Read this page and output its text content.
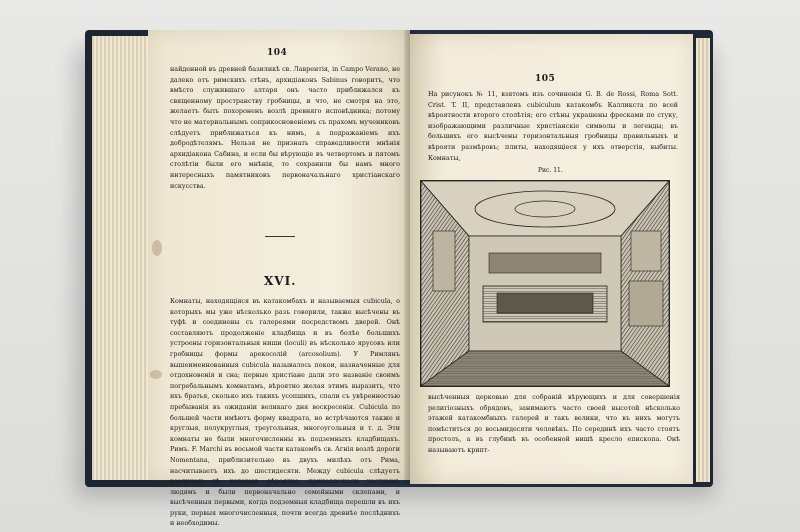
104
найденной въ древней базиликѣ св. Лаврентія, in Campo Verano, не далеко отъ римскихъ стѣнъ, архидіаконъ Sabinus говоритъ, что вмѣсто служившаго алтаря онъ часто приближался къ священному пространству гробницы, и что, не смотря на это, желаетъ быть похороненъ возлѣ древняго исповѣдника; потому что не материальнымъ соприкосновеніемъ съ прахомъ мучениковъ слѣдуетъ приближаться къ нимъ, а подражаніемъ ихъ добродѣтелямъ. Нельзя не признать справедливости мнѣнія архидіакона Сабина, и если бы вѣрующіе въ четвертомъ и пятомъ столѣтіи были его мнѣнія, то сохранили бы намъ много интересныхъ памятниковъ первоначальнаго христіанскаго искусства.
XVI.
Комнаты, находящіяся въ катакомбахъ и называемыя cubicula, о которыхъ мы уже нѣсколько разъ говорили, также высѣчены въ туфѣ и соединены съ галереями посредствомъ дверей. Онѣ составляютъ продолженіе кладбища и въ болѣе большихъ устроены горизонтальныя ниши (loculi) въ нѣсколько ярусовъ или гробницы формы арекосолій (arcosolium). У Римлянъ вышеименнованныя cubicula называлось покои, назначенные для отдохновенія и сна; первые христіане дали это названіе своимъ погребальнымъ комнатамъ, вѣроятно желая этимъ выразить, что ихъ братья, сколько ихъ такихъ усопшихъ, спали съ увѣренностью пребыванія въ ожиданіи великаго дня воскресенія. Cubicula по большей части имѣютъ форму квадрата, но встрѣчаются также и круглыя, полукруглыя, треугольныя, многоугольныя и т. д. Эти комнаты не были многочисленны въ подземныхъ кладбищахъ. Римъ. F. Marchi въ восьмой части катакомбъ св. Агнія возлѣ дороги Nomentana, приблизительно въ двухъ милѣхъ отъ Рима, насчитываетъ ихъ до шестидесяти. Между cubicula слѣдуетъ различать тѣ, которыя, вѣроятно, принадлежали частнымъ людямъ и были первоначально семейными склепами, и высѣченныя первыми, когда подземныя кладбища перешли въ ихъ руки, первыя многочисленныя, почти всегда древнѣе послѣднихъ и необходимы.
105
На рисунокъ № 11, взятомъ изъ сочиненія G. B. de Rossi, Roma Sott. Crist. T. II, представленъ cubiculum катакомбъ Калликста по всей вѣроятности второго столѣтія; его стѣны украшены фресками по стуку, изображающими различные христіанскіе символы и легенды; въ большихъ его высѣчены горизонтальныя гробницы правильныхъ и вѣрояти размѣровъ; плиты, находящіеся у ихъ отверстія, выбиты. Комнаты,
Рис. 11.
высѣченныя церковью для собраній вѣрующихъ и для совершенія религіозныхъ обрядовъ, занимаютъ часто своей высотой нѣсколько этажей катакомбныхъ галерей и такъ велики, что въ нихъ могутъ помѣститься до восьмидесяти человѣкъ. По серединѣ ихъ часто стоятъ простолъ, а въ глубинѣ въ особенной нишѣ кресло епископа. Онѣ называютъ крипт-
